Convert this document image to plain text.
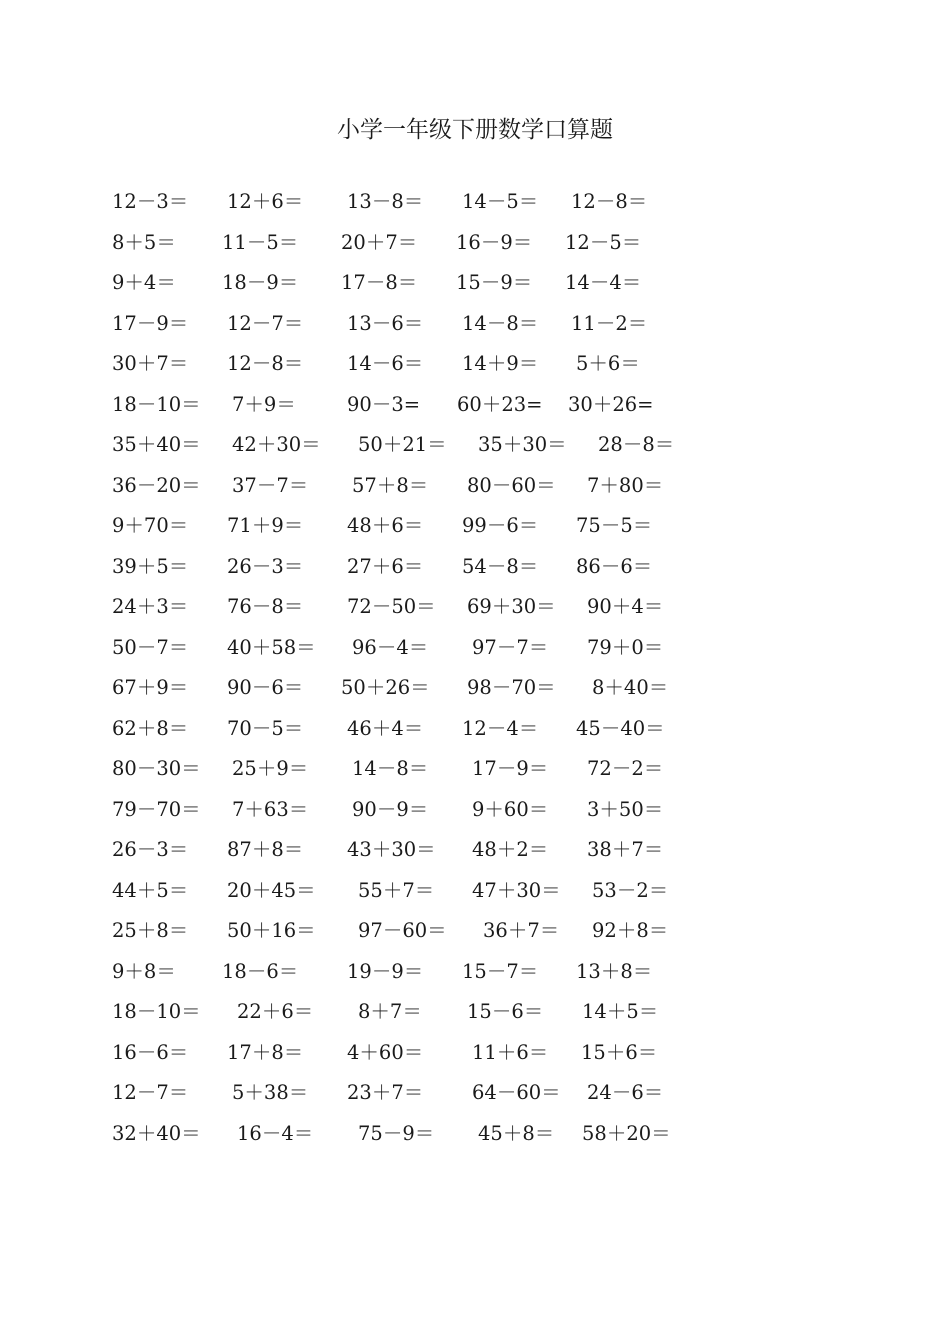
小学一年级下册数学口算题
12－3＝ 12＋6＝ 13－8＝ 14－5＝ 12－8＝
8＋5＝ 11－5＝ 20＋7＝ 16－9＝ 12－5＝
9＋4＝ 18－9＝ 17－8＝ 15－9＝ 14－4＝
17－9＝ 12－7＝ 13－6＝ 14－8＝ 11－2＝
30＋7＝ 12－8＝ 14－6＝ 14＋9＝ 5＋6＝
18－10＝ 7＋9＝	90－3= 60＋23= 30＋26=
35＋40＝ 42＋30＝ 50＋21＝ 35＋30＝ 28－8＝
36－20＝ 37－7＝ 57＋8＝ 80－60＝ 7＋80＝
9＋70＝ 71＋9＝ 48＋6＝ 99－6＝ 75－5＝
39＋5＝ 26－3＝ 27＋6＝ 54－8＝ 86－6＝
24＋3＝ 76－8＝ 72－50＝ 69＋30＝ 90＋4＝
50－7＝ 40＋58＝ 96－4＝ 97－7＝ 79＋0＝
67＋9＝ 90－6＝ 50＋26＝ 98－70＝ 8＋40＝
62＋8＝ 70－5＝ 46＋4＝ 12－4＝ 45－40＝
80－30＝ 25＋9＝ 14－8＝ 17－9＝ 72－2＝
79－70＝ 7＋63＝ 90－9＝ 9＋60＝ 3＋50＝
26－3＝ 87＋8＝ 43＋30＝ 48＋2＝ 38＋7＝
44＋5＝ 20＋45＝ 55＋7＝ 47＋30＝ 53－2＝
25＋8＝ 50＋16＝ 97－60＝ 36＋7＝ 92＋8＝
9＋8＝ 18－6＝	19－9＝ 15－7＝ 13＋8＝
18－10＝ 22＋6＝ 8＋7＝ 15－6＝ 14＋5＝
16－6＝ 17＋8＝ 4＋60＝	11＋6＝ 15＋6＝
12－7＝ 5＋38＝ 23＋7＝	64－60＝ 24－6＝
32＋40＝ 16－4＝ 75－9＝ 45＋8＝ 58＋20＝
